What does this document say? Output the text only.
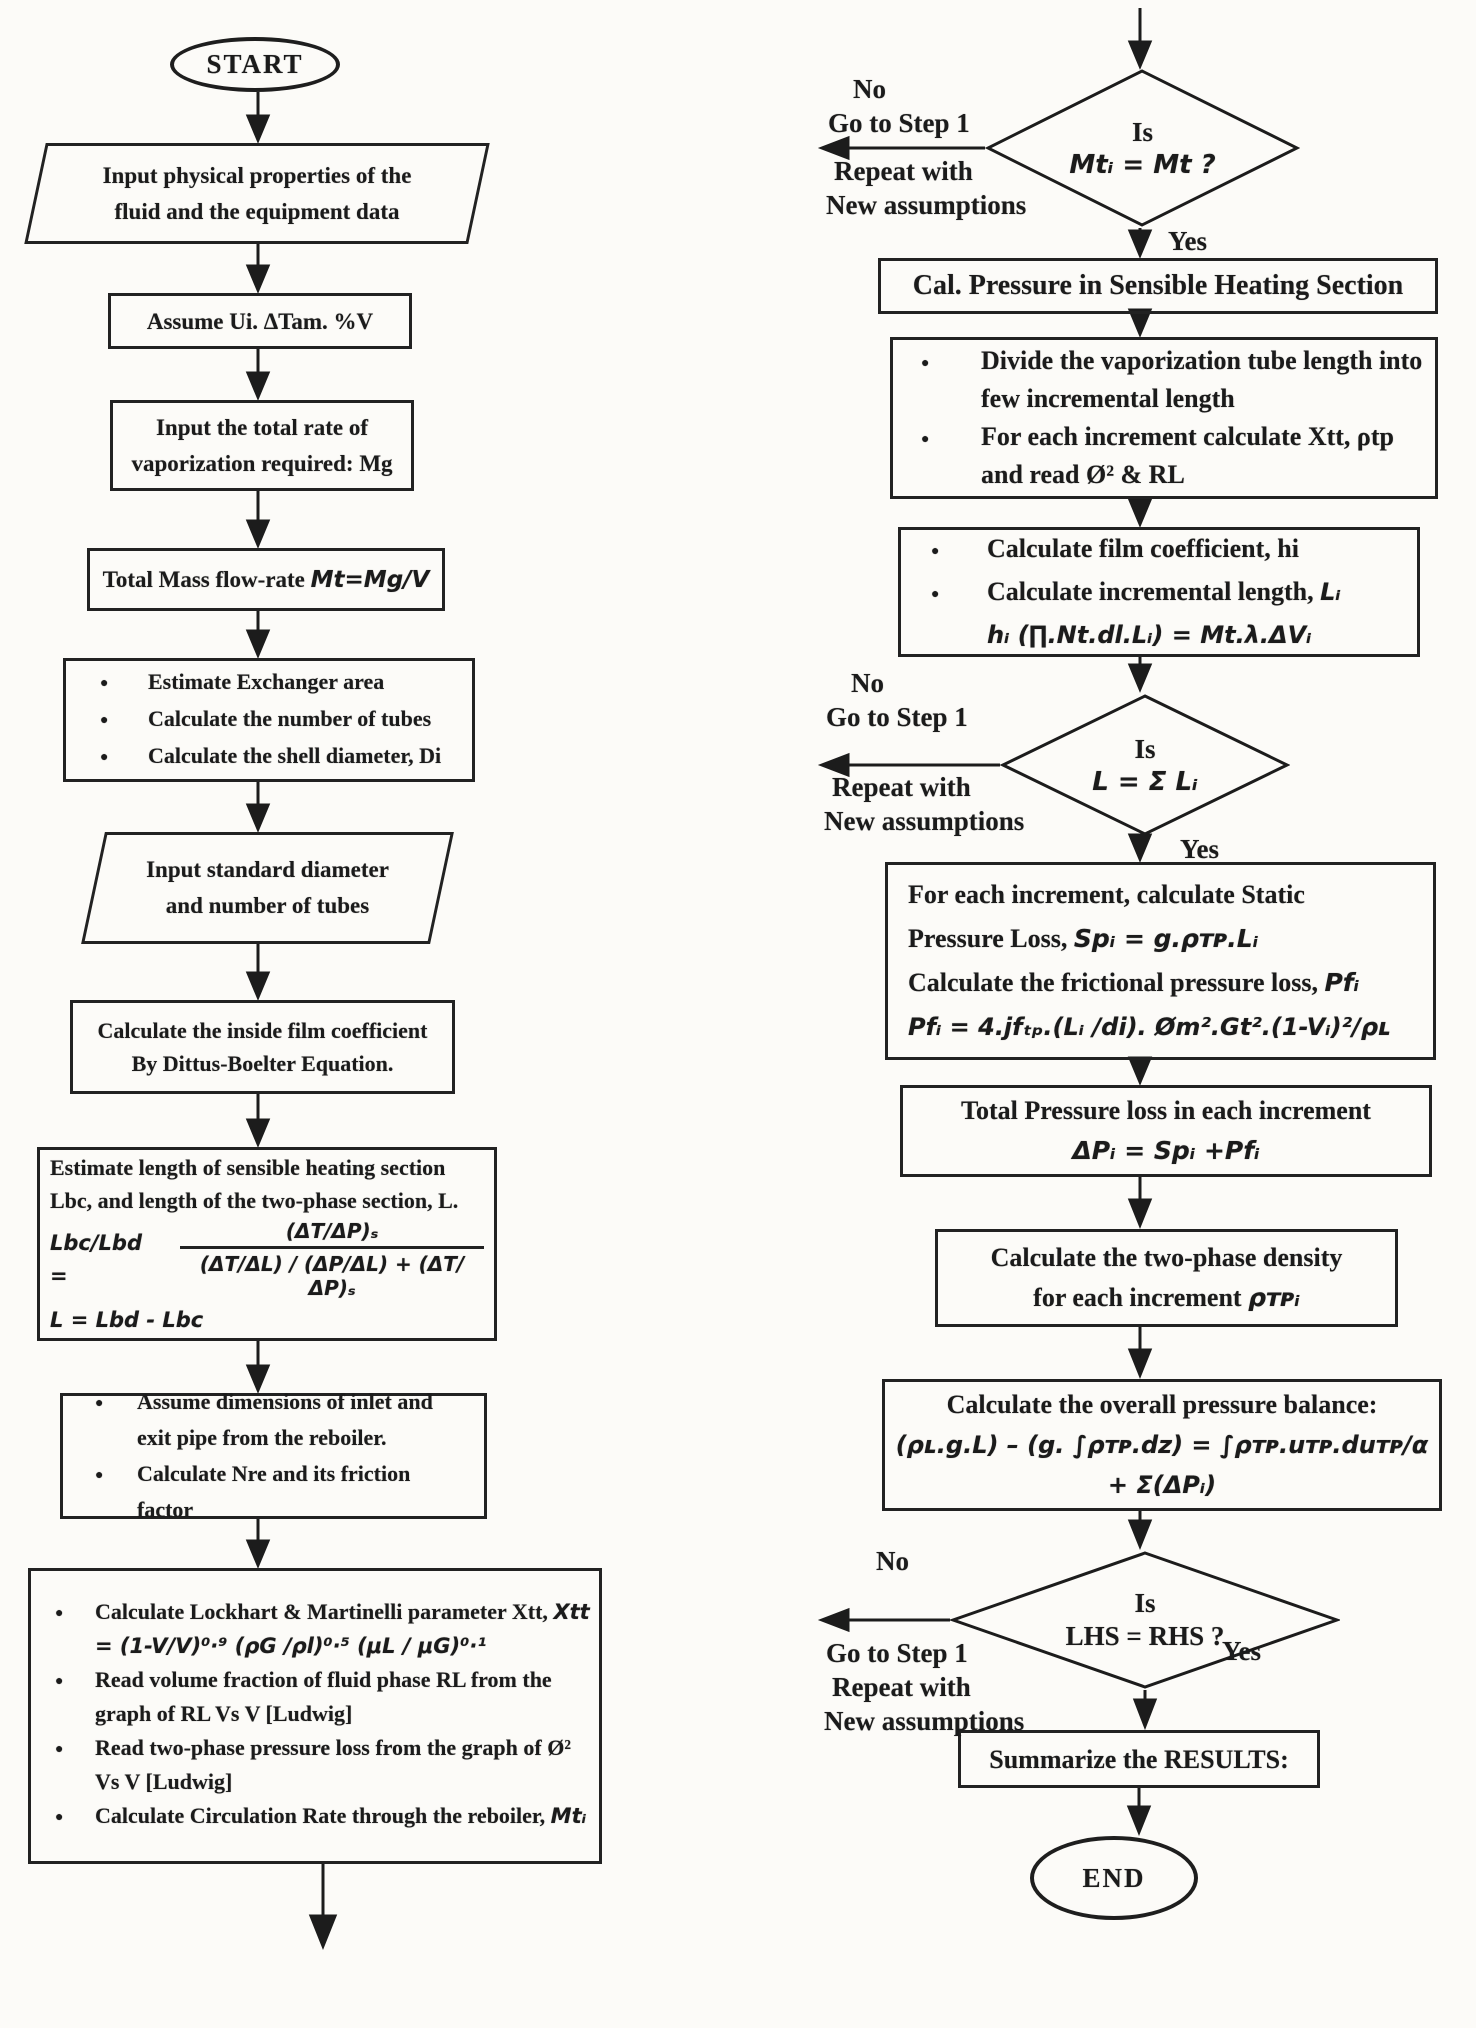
START
Input physical properties of the
fluid and the equipment data
Assume Ui. ΔTam. %V
Input the total rate of
vaporization required: Mg
Total Mass flow-rate Mt=Mg/V
●
Estimate Exchanger area
●
Calculate the number of tubes
●
Calculate the shell diameter, Di
Input standard diameter
and number of tubes
Calculate the inside film coefficient
By Dittus-Boelter Equation.
Estimate length of sensible heating section
Lbc, and length of the two-phase section, L.
Lbc/Lbd =	$\frac{\text{(ΔT/ΔP)ₛ}}{\text{(ΔT/ΔL) / (ΔP/ΔL) + (ΔT/ΔP)ₛ}}$
L = Lbd - Lbc
●
Assume dimensions of inlet and exit pipe from the reboiler.
●
Calculate Nre and its friction factor
●
Calculate Lockhart & Martinelli parameter Xtt, Xtt = (1-V/V)⁰·⁹ (ρG /ρl)⁰·⁵ (μL / μG)⁰·¹
●
Read volume fraction of fluid phase RL from the graph of RL Vs V [Ludwig]
●
Read two-phase pressure loss from the graph of Ø² Vs V [Ludwig]
●
Calculate Circulation Rate through the reboiler, Mtᵢ
Is
Mtᵢ = Mt ?
No
Go to Step 1
Repeat with
New assumptions
Yes
Cal. Pressure in Sensible Heating Section
●
Divide the vaporization tube length into few incremental length
●
For each increment calculate Xtt, ρtp and read Ø² & RL
●
Calculate film coefficient, hi
●
Calculate incremental length, Lᵢ
hᵢ (∏.Nt.dl.Lᵢ) = Mt.λ.ΔVᵢ
Is
L = Σ Lᵢ
No
Go to Step 1
Repeat with
New assumptions
Yes
For each increment, calculate Static
Pressure Loss, Spᵢ = g.ρᴛᴘ.Lᵢ
Calculate the frictional pressure loss, Pfᵢ
Pfᵢ = 4.jfₜₚ.(Lᵢ /di). Øm².Gt².(1-Vᵢ)²/ρʟ
Total Pressure loss in each increment
ΔPᵢ = Spᵢ +Pfᵢ
Calculate the two-phase density
for each increment ρᴛᴘᵢ
Calculate the overall pressure balance:
(ρʟ.g.L) – (g. ∫ρᴛᴘ.dz) = ∫ρᴛᴘ.uᴛᴘ.duᴛᴘ/α
+ Σ(ΔPᵢ)
Is
LHS = RHS ?
No
Go to Step 1
Repeat with
New assumptions
Yes
Summarize the RESULTS:
END
